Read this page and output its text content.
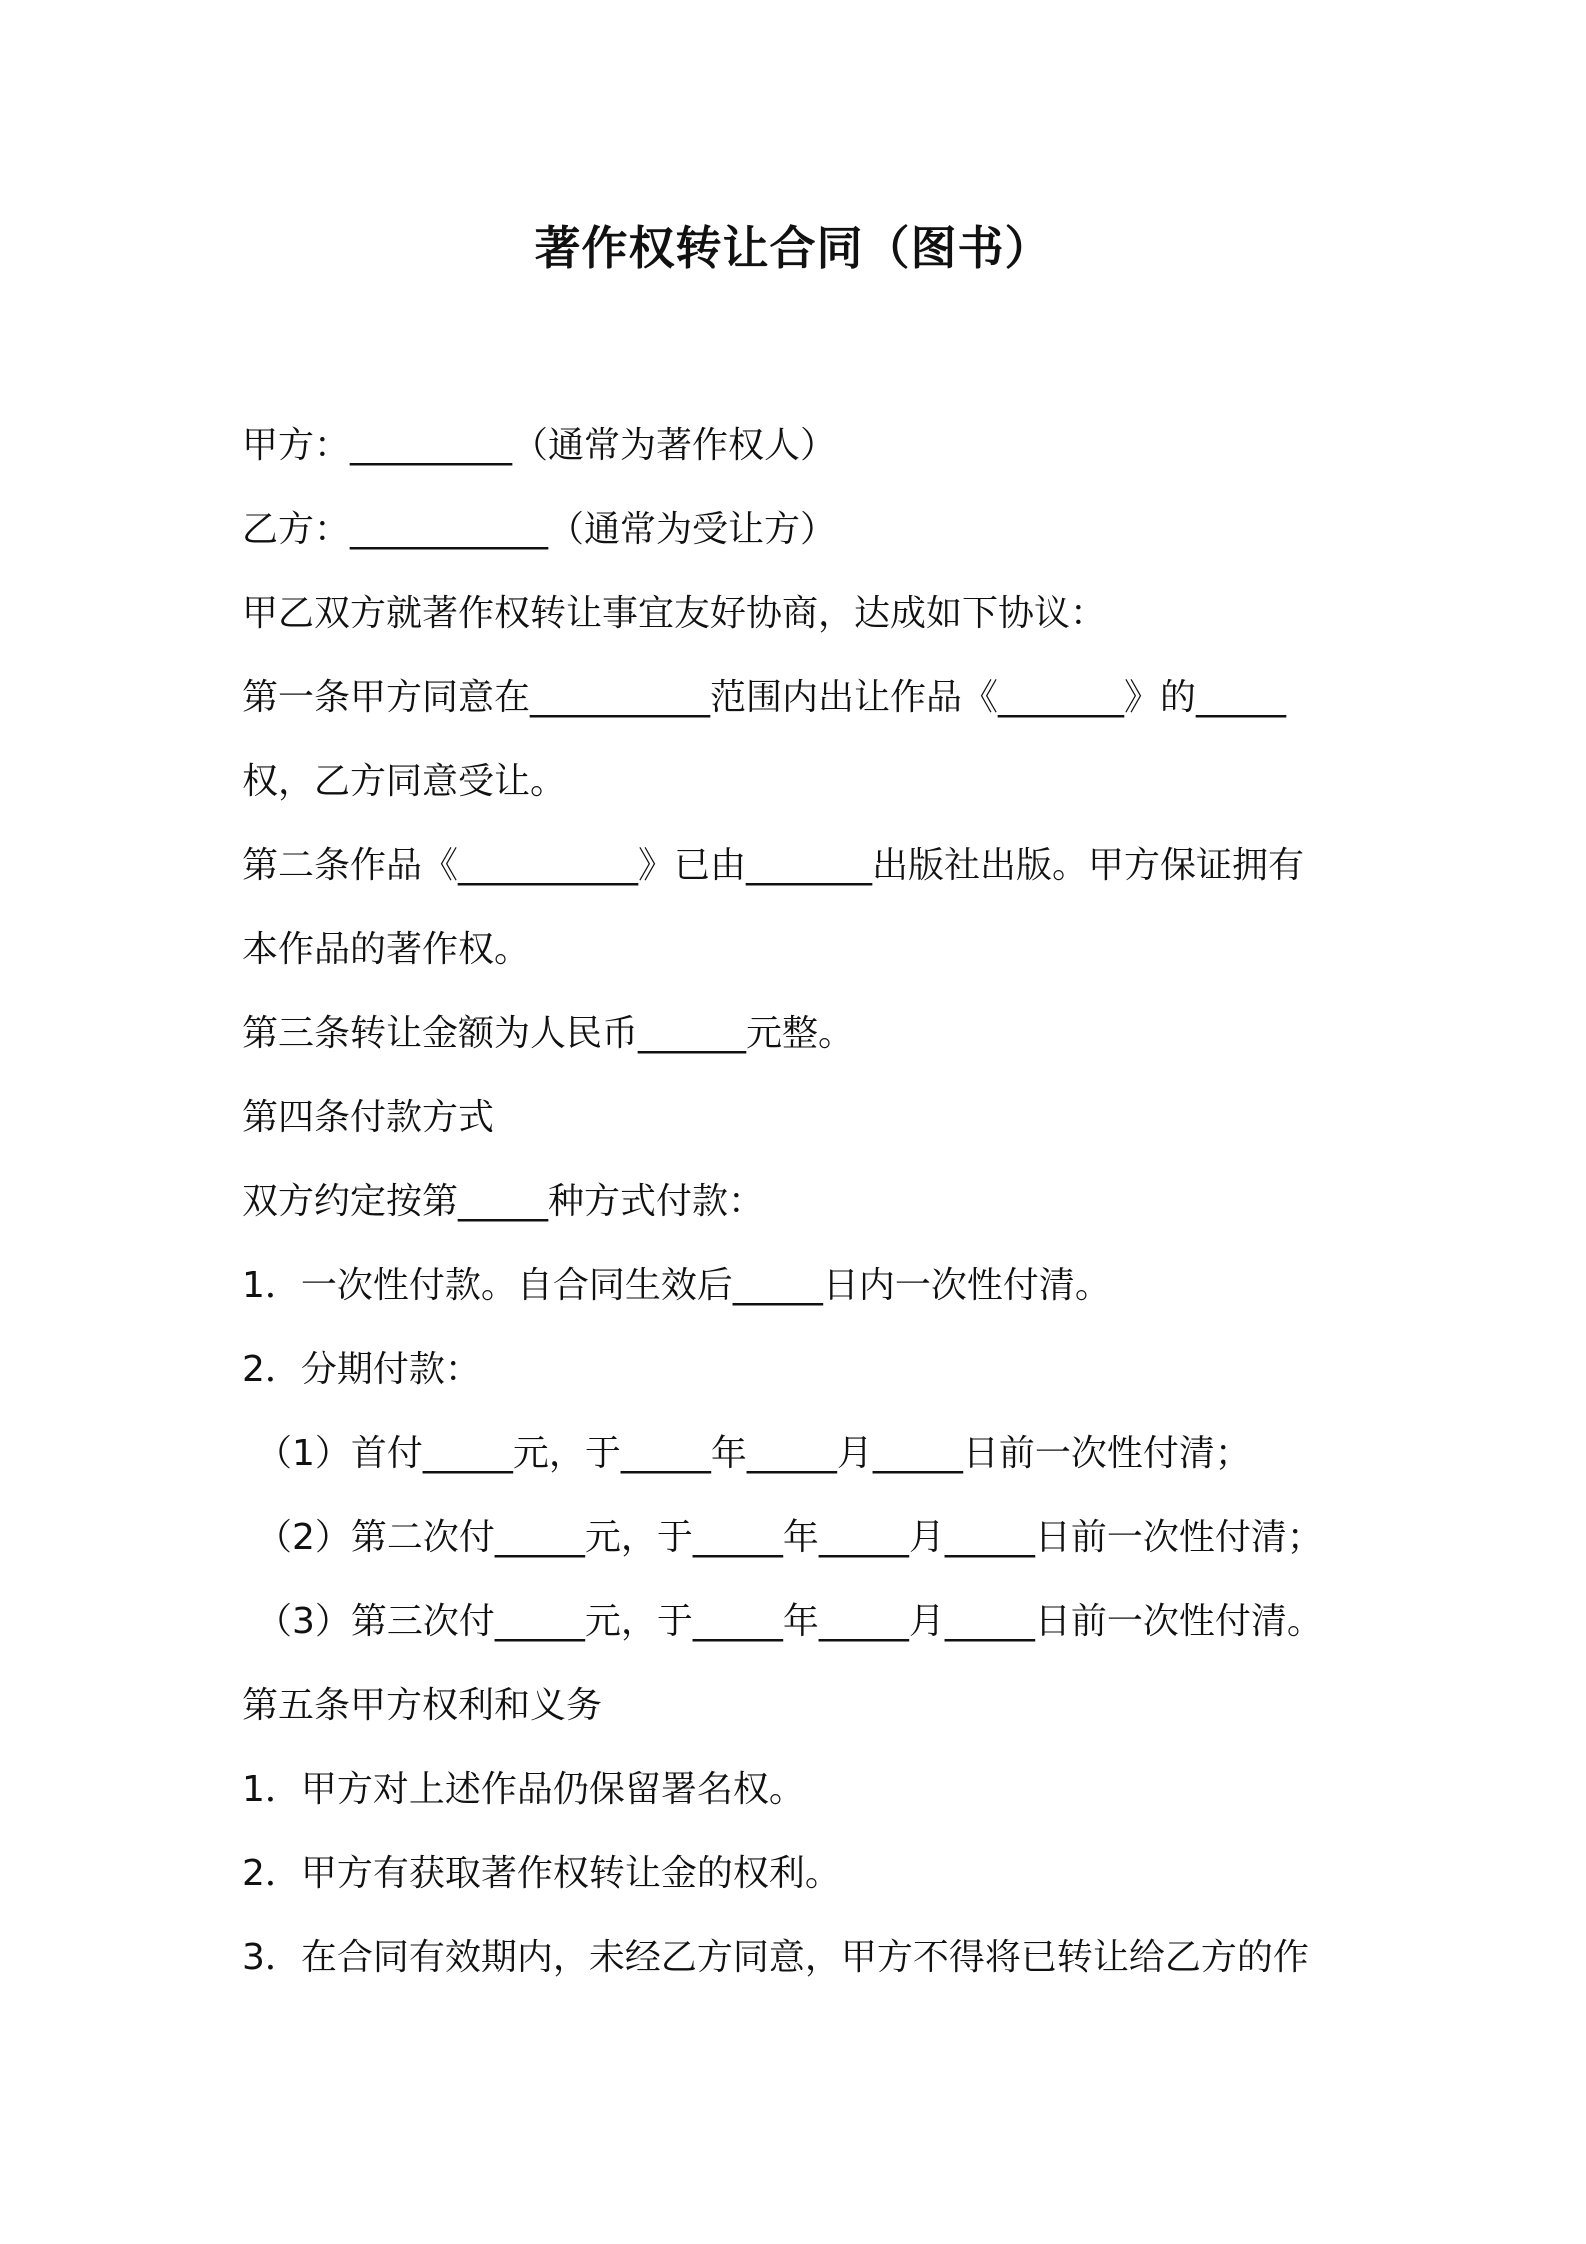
著作权转让合同（图书）
甲方：_________（通常为著作权人）
乙方：___________（通常为受让方）
甲乙双方就著作权转让事宜友好协商，达成如下协议：
第一条甲方同意在__________范围内出让作品《_______》的_____
权，乙方同意受让。
第二条作品《__________》已由_______出版社出版。甲方保证拥有
本作品的著作权。
第三条转让金额为人民币______元整。
第四条付款方式
双方约定按第_____种方式付款：
1．一次性付款。自合同生效后_____日内一次性付清。
2．分期付款：
（1）首付_____元，于_____年_____月_____日前一次性付清；
（2）第二次付_____元，于_____年_____月_____日前一次性付清；
（3）第三次付_____元，于_____年_____月_____日前一次性付清。
第五条甲方权利和义务
1．甲方对上述作品仍保留署名权。
2．甲方有获取著作权转让金的权利。
3．在合同有效期内，未经乙方同意，甲方不得将已转让给乙方的作
